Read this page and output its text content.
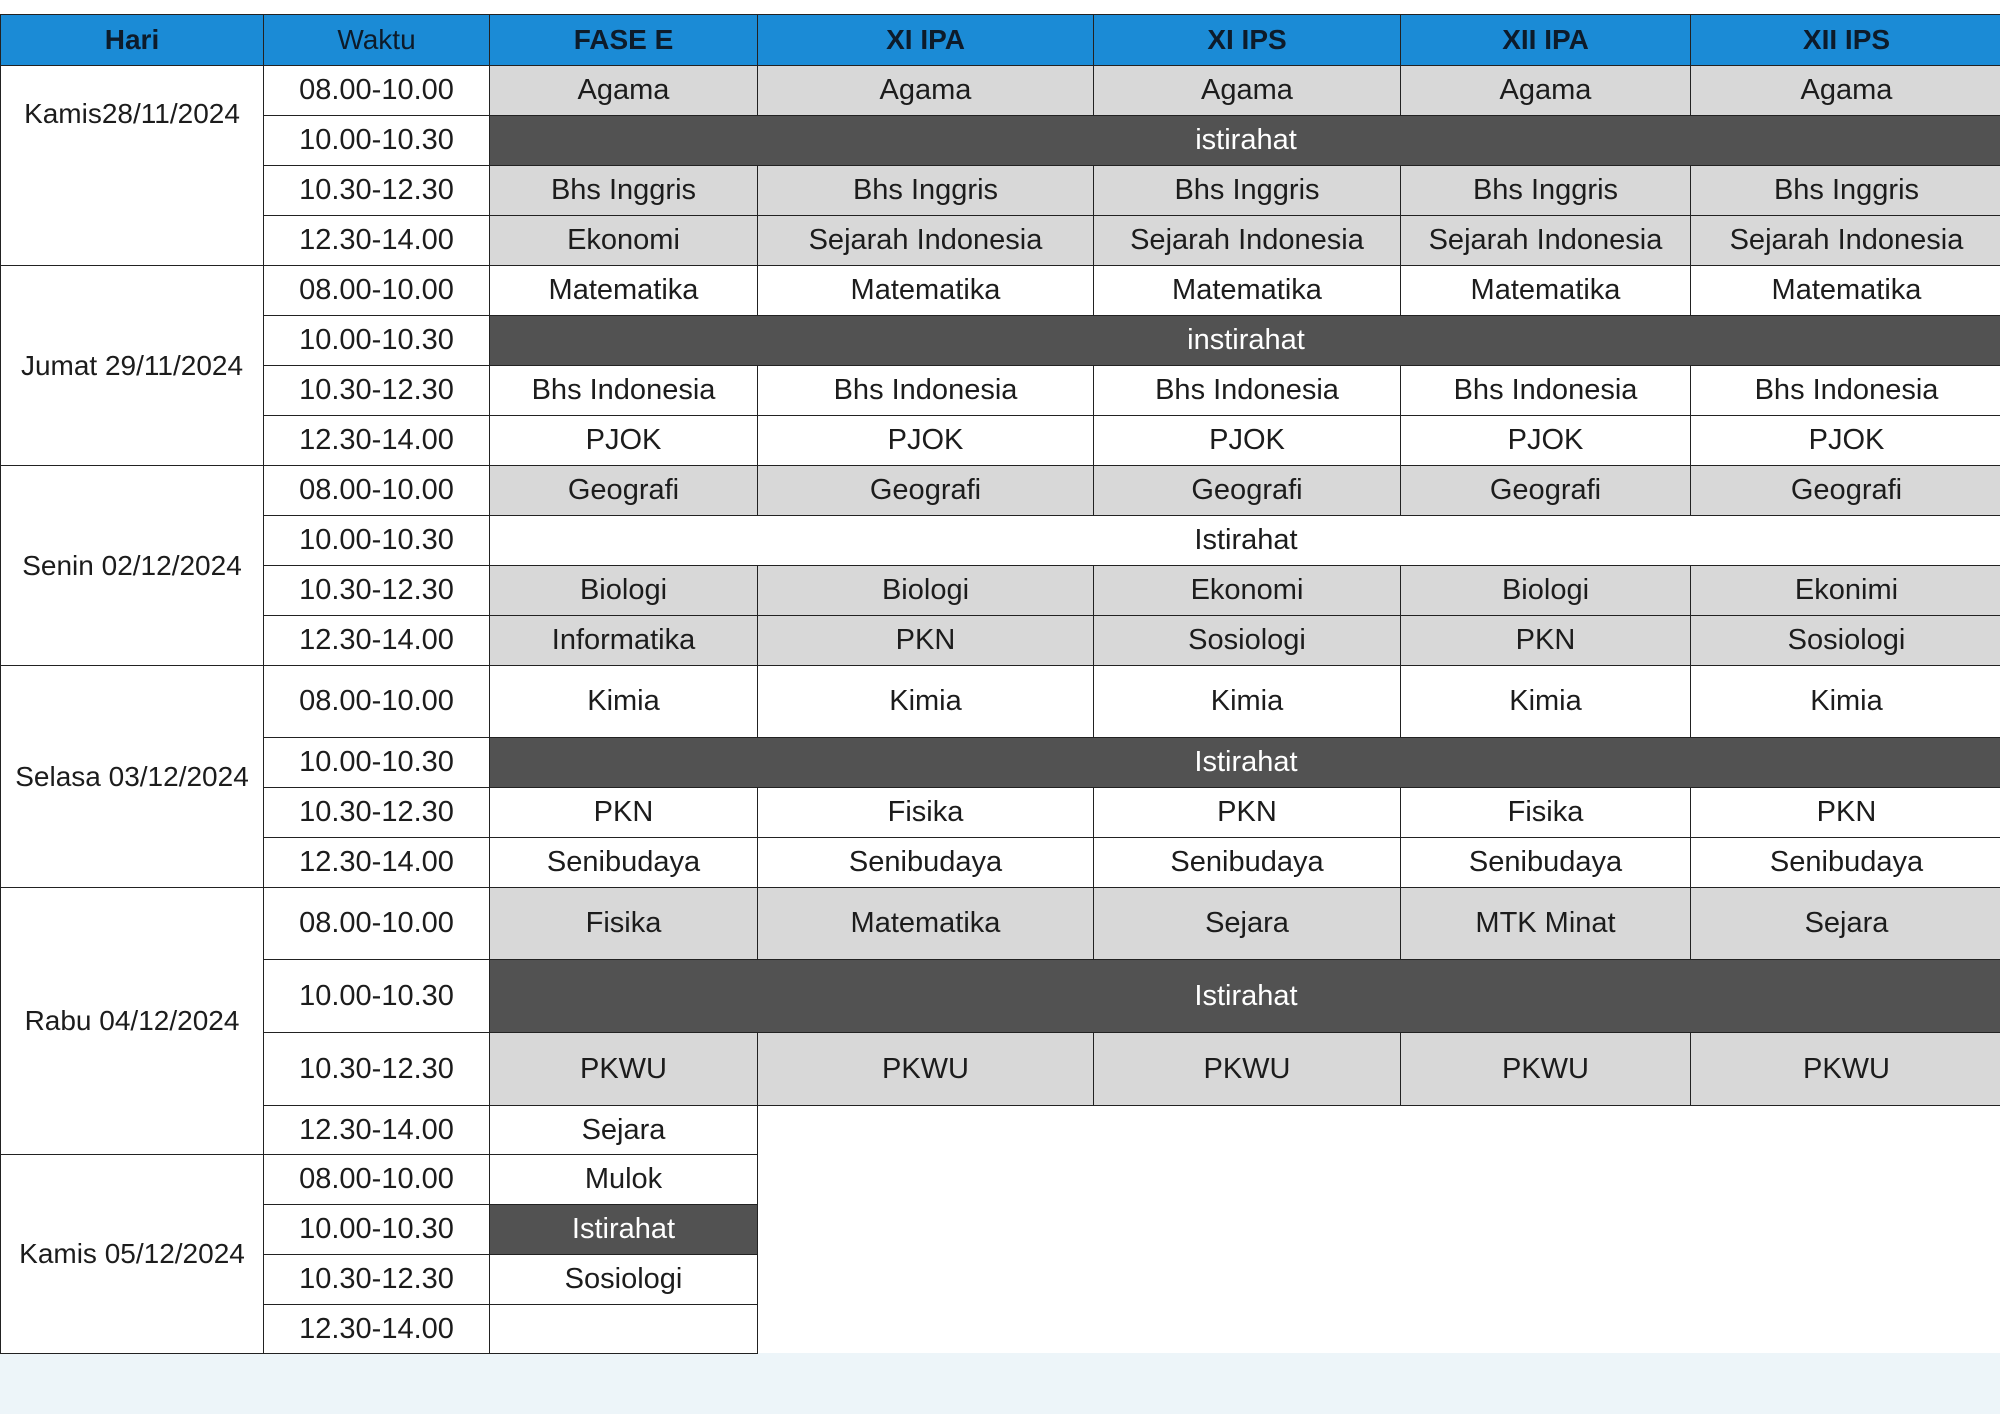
Hari	Waktu	FASE E	XI IPA	XI IPS	XII IPA	XII IPS
Kamis28/11/2024
08.00-10.00	Agama	Agama	Agama	Agama	Agama
10.00-10.30	istirahat
10.30-12.30	Bhs Inggris	Bhs Inggris	Bhs Inggris	Bhs Inggris	Bhs Inggris
12.30-14.00	Ekonomi	Sejarah Indonesia	Sejarah Indonesia	Sejarah Indonesia	Sejarah Indonesia
Jumat 29/11/2024
08.00-10.00	Matematika	Matematika	Matematika	Matematika	Matematika
10.00-10.30	instirahat
10.30-12.30	Bhs Indonesia	Bhs Indonesia	Bhs Indonesia	Bhs Indonesia	Bhs Indonesia
12.30-14.00	PJOK	PJOK	PJOK	PJOK	PJOK
Senin 02/12/2024
08.00-10.00	Geografi	Geografi	Geografi	Geografi	Geografi
10.00-10.30	Istirahat
10.30-12.30	Biologi	Biologi	Ekonomi	Biologi	Ekonimi
12.30-14.00	Informatika	PKN	Sosiologi	PKN	Sosiologi
Selasa 03/12/2024
08.00-10.00	Kimia	Kimia	Kimia	Kimia	Kimia
10.00-10.30	Istirahat
10.30-12.30	PKN	Fisika	PKN	Fisika	PKN
12.30-14.00	Senibudaya	Senibudaya	Senibudaya	Senibudaya	Senibudaya
Rabu 04/12/2024
08.00-10.00	Fisika	Matematika	Sejara	MTK Minat	Sejara
10.00-10.30	Istirahat
10.30-12.30	PKWU	PKWU	PKWU	PKWU	PKWU
12.30-14.00	Sejara
Kamis 05/12/2024
08.00-10.00	Mulok
10.00-10.30	Istirahat
10.30-12.30	Sosiologi
12.30-14.00
